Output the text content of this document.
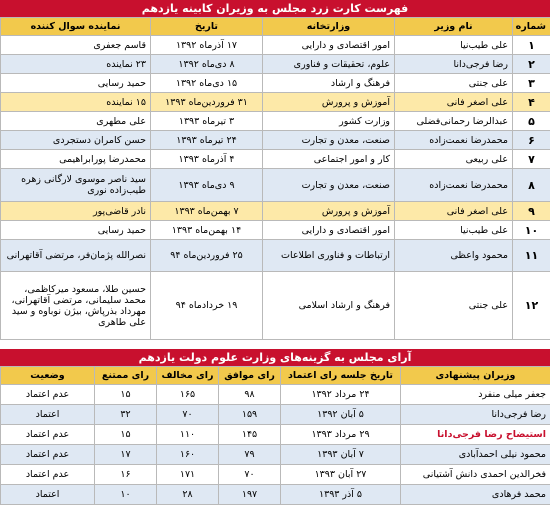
فهرست کارت زرد مجلس به وزیران کابینه یازدهم
شماره	نام وزیر	وزارتخانه	تاریخ	نماینده سوال کننده
۱	علی طیب‌نیا	امور اقتصادی و دارایی	۱۷ آذرماه ۱۳۹۲	قاسم جعفری
۲	رضا فرجی‌دانا	علوم، تحقیقات و فناوری	۸ دی‌ماه ۱۳۹۲	۲۳ نماینده
۳	علی جنتی	فرهنگ و ارشاد	۱۵ دی‌ماه ۱۳۹۲	حمید رسایی
۴	علی اصغر فانی	آموزش و پرورش	۳۱ فروردین‌ماه ۱۳۹۳	۱۵ نماینده
۵	عبدالرضا رحمانی‌فضلی	وزارت کشور	۳ تیرماه ۱۳۹۳	علی مطهری
۶	محمدرضا نعمت‌زاده	صنعت، معدن و تجارت	۲۴ تیرماه ۱۳۹۳	حسن کامران دستجردی
۷	علی ربیعی	کار و امور اجتماعی	۴ آذرماه ۱۳۹۳	محمدرضا پورابراهیمی
۸	محمدرضا نعمت‌زاده	صنعت، معدن و تجارت	۹ دی‌ماه ۱۳۹۳	سید ناصر موسوی لارگانی زهره طیب‌زاده نوری
۹	علی اصغر فانی	آموزش و پرورش	۷ بهمن‌ماه ۱۳۹۳	نادر قاضی‌پور
۱۰	علی طیب‌نیا	امور اقتصادی و دارایی	۱۴ بهمن‌ماه ۱۳۹۳	حمید رسایی
۱۱	محمود واعظی	ارتباطات و فناوری اطلاعات	۲۵ فروردین‌ماه ۹۴	نصرالله پژمان‌فر، مرتضی آقاتهرانی
۱۲	علی جنتی	فرهنگ و ارشاد اسلامی	۱۹ خردادماه ۹۴	حسین طلا، مسعود میرکاظمی، محمد سلیمانی، مرتضی آقاتهرانی، مهرداد بذرپاش، بیژن نوباوه و سید علی طاهری
آرای مجلس به گزینه‌های وزارت علوم دولت یازدهم
وزیران پیشنهادی	تاریخ جلسه رای اعتماد	رای موافق	رای مخالف	رای ممتنع	وضعیت
جعفر میلی منفرد	۲۴ مرداد ۱۳۹۲	۹۸	۱۶۵	۱۵	عدم اعتماد
رضا فرجی‌دانا	۵ آبان ۱۳۹۲	۱۵۹	۷۰	۳۲	اعتماد
استیضاح رضا فرجی‌دانا	۲۹ مرداد ۱۳۹۳	۱۴۵	۱۱۰	۱۵	عدم اعتماد
محمود نیلی احمدآبادی	۷ آبان ۱۳۹۳	۷۹	۱۶۰	۱۷	عدم اعتماد
فخرالدین احمدی دانش آشتیانی	۲۷ آبان ۱۳۹۳	۷۰	۱۷۱	۱۶	عدم اعتماد
محمد فرهادی	۵ آذر ۱۳۹۳	۱۹۷	۲۸	۱۰	اعتماد
